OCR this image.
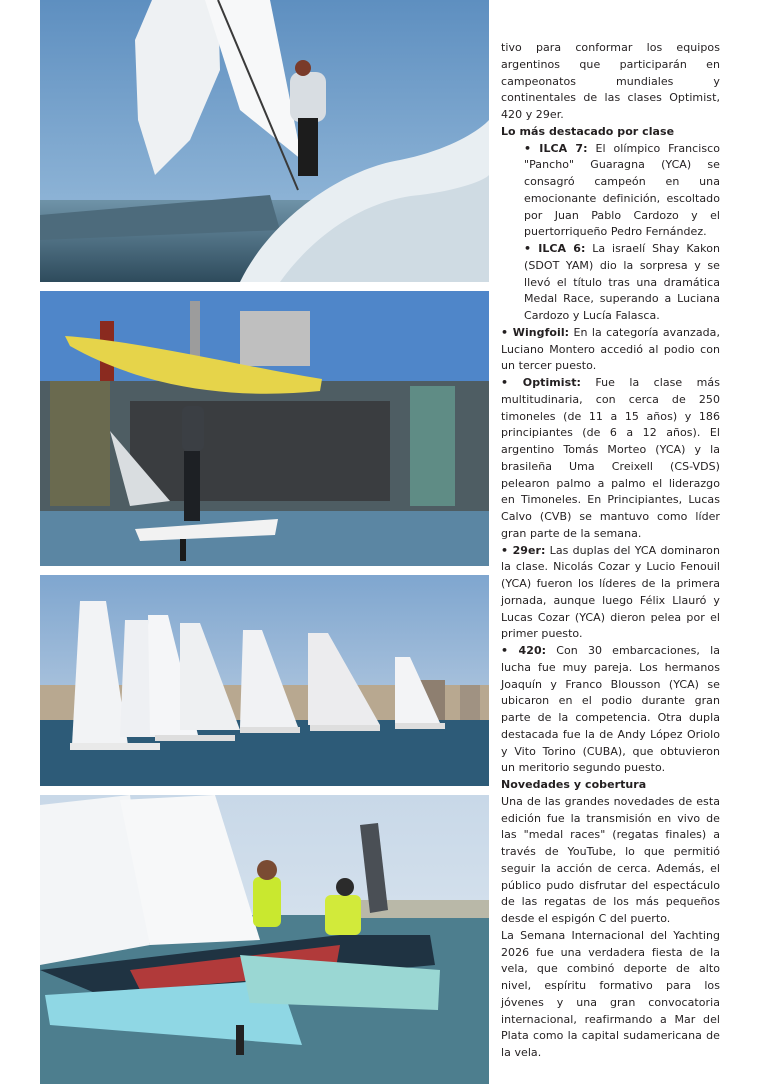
tivo para conformar los equipos argentinos que participarán en campeonatos mundiales y continentales de las clases Optimist, 420 y 29er.

Lo más destacado por clase
• ILCA 7: El olímpico Francisco "Pancho" Guaragna (YCA) se consagró campeón en una emocionante definición, escoltado por Juan Pablo Cardozo y el puertorriqueño Pedro Fernández.
• ILCA 6: La israelí Shay Kakon (SDOT YAM) dio la sorpresa y se llevó el título tras una dramática Medal Race, superando a Luciana Cardozo y Lucía Falasca.
• Wingfoil: En la categoría avanzada, Luciano Montero accedió al podio con un tercer puesto.
• Optimist: Fue la clase más multitudinaria, con cerca de 250 timoneles (de 11 a 15 años) y 186 principiantes (de 6 a 12 años). El argentino Tomás Morteo (YCA) y la brasileña Uma Creixell (CS-VDS) pelearon palmo a palmo el liderazgo en Timoneles. En Principiantes, Lucas Calvo (CVB) se mantuvo como líder gran parte de la semana.
• 29er: Las duplas del YCA dominaron la clase. Nicolás Cozar y Lucio Fenouil (YCA) fueron los líderes de la primera jornada, aunque luego Félix Llauró y Lucas Cozar (YCA) dieron pelea por el primer puesto.
• 420: Con 30 embarcaciones, la lucha fue muy pareja. Los hermanos Joaquín y Franco Blousson (YCA) se ubicaron en el podio durante gran parte de la competencia. Otra dupla destacada fue la de Andy López Oriolo y Vito Torino (CUBA), que obtuvieron un meritorio segundo puesto.
Novedades y cobertura

Una de las grandes novedades de esta edición fue la transmisión en vivo de las "medal races" (regatas finales) a través de YouTube, lo que permitió seguir la acción de cerca. Además, el público pudo disfrutar del espectáculo de las regatas de los más pequeños desde el espigón C del puerto.

La Semana Internacional del Yachting 2026 fue una verdadera fiesta de la vela, que combinó deporte de alto nivel, espíritu formativo para los jóvenes y una gran convocatoria internacional, reafirmando a Mar del Plata como la capital sudamericana de la vela.
